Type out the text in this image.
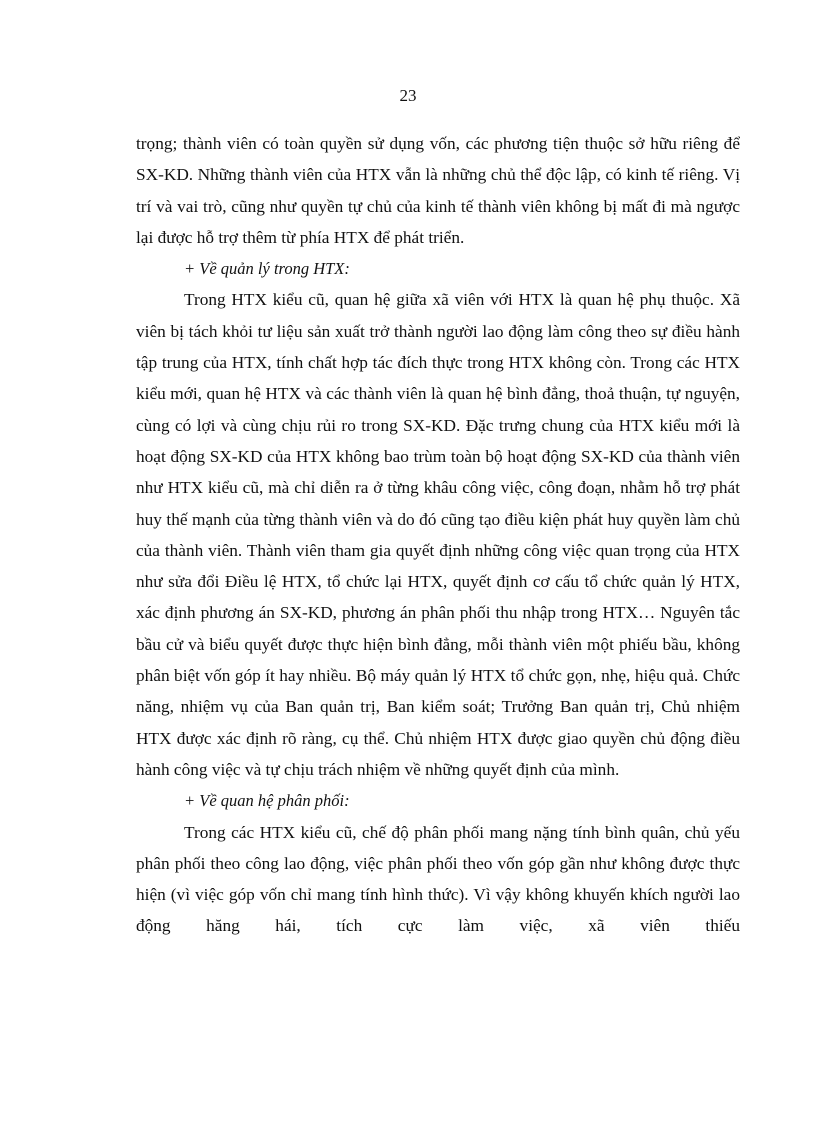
23

trọng; thành viên có toàn quyền sử dụng vốn, các phương tiện thuộc sở hữu riêng để SX-KD. Những thành viên của HTX vẫn là những chủ thể độc lập, có kinh tế riêng. Vị trí và vai trò, cũng như quyền tự chủ của kinh tế thành viên không bị mất đi mà ngược lại được hỗ trợ thêm từ phía HTX để phát triển.

+ Về quản lý trong HTX:

Trong HTX kiểu cũ, quan hệ giữa xã viên với HTX là quan hệ phụ thuộc. Xã viên bị tách khỏi tư liệu sản xuất trở thành người lao động làm công theo sự điều hành tập trung của HTX, tính chất hợp tác đích thực trong HTX không còn. Trong các HTX kiểu mới, quan hệ HTX và các thành viên là quan hệ bình đẳng, thoả thuận, tự nguyện, cùng có lợi và cùng chịu rủi ro trong SX-KD. Đặc trưng chung của HTX kiểu mới là hoạt động SX-KD của HTX không bao trùm toàn bộ hoạt động SX-KD của thành viên như HTX kiểu cũ, mà chỉ diễn ra ở từng khâu công việc, công đoạn, nhằm hỗ trợ phát huy thế mạnh của từng thành viên và do đó cũng tạo điều kiện phát huy quyền làm chủ của thành viên. Thành viên tham gia quyết định những công việc quan trọng của HTX như sửa đổi Điều lệ HTX, tổ chức lại HTX, quyết định cơ cấu tổ chức quản lý HTX, xác định phương án SX-KD, phương án phân phối thu nhập trong HTX… Nguyên tắc bầu cử và biểu quyết được thực hiện bình đẳng, mỗi thành viên một phiếu bầu, không phân biệt vốn góp ít hay nhiều. Bộ máy quản lý HTX tổ chức gọn, nhẹ, hiệu quả. Chức năng, nhiệm vụ của Ban quản trị, Ban kiểm soát; Trưởng Ban quản trị, Chủ nhiệm HTX được xác định rõ ràng, cụ thể. Chủ nhiệm HTX được giao quyền chủ động điều hành công việc và tự chịu trách nhiệm về những quyết định của mình.

+ Về quan hệ phân phối:

Trong các HTX kiểu cũ, chế độ phân phối mang nặng tính bình quân, chủ yếu phân phối theo công lao động, việc phân phối theo vốn góp gần như không được thực hiện (vì việc góp vốn chỉ mang tính hình thức). Vì vậy không khuyến khích người lao động hăng hái, tích cực làm việc, xã viên thiếu
